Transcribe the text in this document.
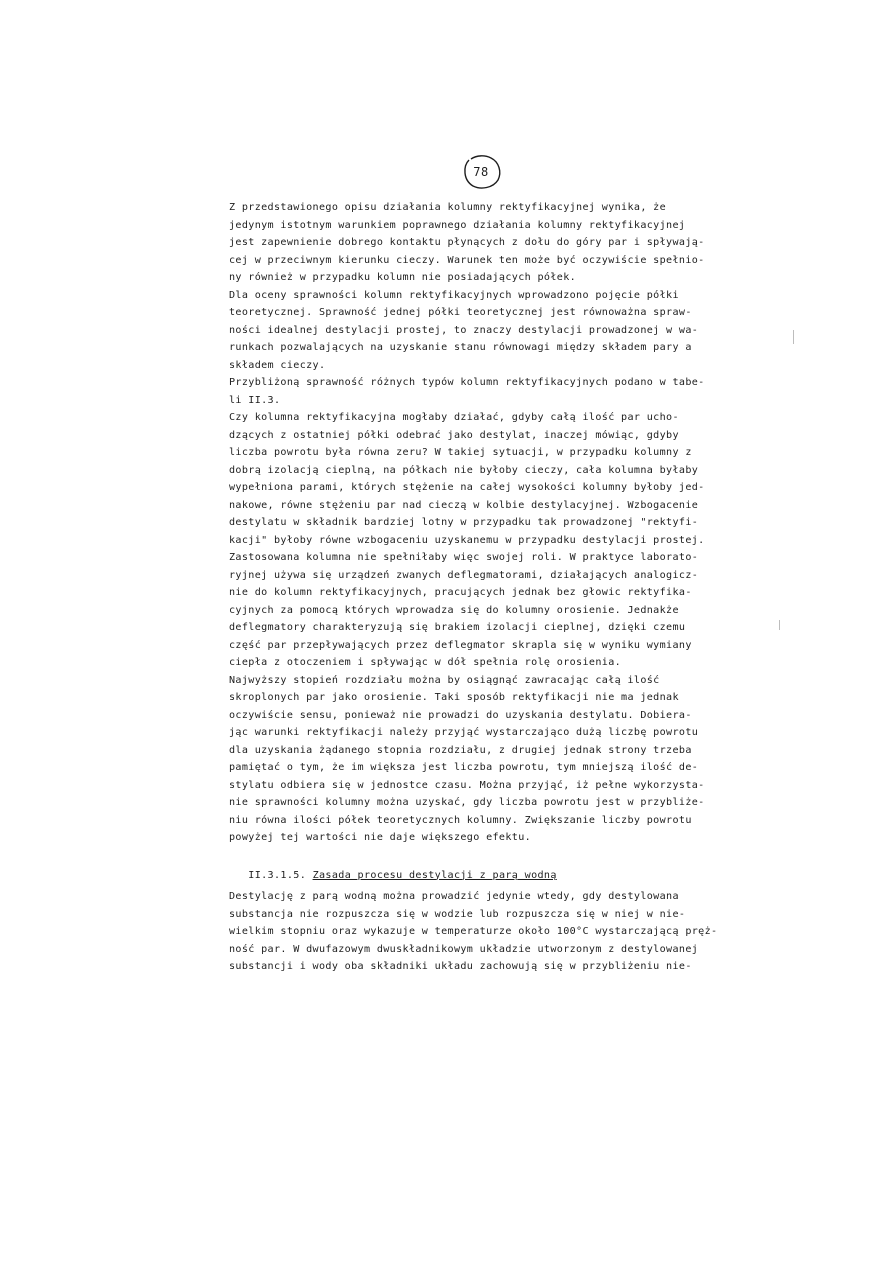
78
Z przedstawionego opisu działania kolumny rektyfikacyjnej wynika, że
jedynym istotnym warunkiem poprawnego działania kolumny rektyfikacyjnej
jest zapewnienie dobrego kontaktu płynących z dołu do góry par i spływają-
cej w przeciwnym kierunku cieczy. Warunek ten może być oczywiście spełnio-
ny również w przypadku kolumn nie posiadających półek.
Dla oceny sprawności kolumn rektyfikacyjnych wprowadzono pojęcie półki
teoretycznej. Sprawność jednej półki teoretycznej jest równoważna spraw-
ności idealnej destylacji prostej, to znaczy destylacji prowadzonej w wa-
runkach pozwalających na uzyskanie stanu równowagi między składem pary a
składem cieczy.
Przybliżoną sprawność różnych typów kolumn rektyfikacyjnych podano w tabe-
li II.3.
Czy kolumna rektyfikacyjna mogłaby działać, gdyby całą ilość par ucho-
dzących z ostatniej półki odebrać jako destylat, inaczej mówiąc, gdyby
liczba powrotu była równa zeru? W takiej sytuacji, w przypadku kolumny z
dobrą izolacją cieplną, na półkach nie byłoby cieczy, cała kolumna byłaby
wypełniona parami, których stężenie na całej wysokości kolumny byłoby jed-
nakowe, równe stężeniu par nad cieczą w kolbie destylacyjnej. Wzbogacenie
destylatu w składnik bardziej lotny w przypadku tak prowadzonej "rektyfi-
kacji" byłoby równe wzbogaceniu uzyskanemu w przypadku destylacji prostej.
Zastosowana kolumna nie spełniłaby więc swojej roli. W praktyce laborato-
ryjnej używa się urządzeń zwanych deflegmatorami, działających analogicz-
nie do kolumn rektyfikacyjnych, pracujących jednak bez głowic rektyfika-
cyjnych za pomocą których wprowadza się do kolumny orosienie. Jednakże
deflegmatory charakteryzują się brakiem izolacji cieplnej, dzięki czemu
część par przepływających przez deflegmator skrapla się w wyniku wymiany
ciepła z otoczeniem i spływając w dół spełnia rolę orosienia.
Najwyższy stopień rozdziału można by osiągnąć zawracając całą ilość
skroplonych par jako orosienie. Taki sposób rektyfikacji nie ma jednak
oczywiście sensu, ponieważ nie prowadzi do uzyskania destylatu. Dobiera-
jąc warunki rektyfikacji należy przyjąć wystarczająco dużą liczbę powrotu
dla uzyskania żądanego stopnia rozdziału, z drugiej jednak strony trzeba
pamiętać o tym, że im większa jest liczba powrotu, tym mniejszą ilość de-
stylatu odbiera się w jednostce czasu. Można przyjąć, iż pełne wykorzysta-
nie sprawności kolumny można uzyskać, gdy liczba powrotu jest w przybliże-
niu równa ilości półek teoretycznych kolumny. Zwiększanie liczby powrotu
powyżej tej wartości nie daje większego efektu.
II.3.1.5. Zasada procesu destylacji z parą wodną
Destylację z parą wodną można prowadzić jedynie wtedy, gdy destylowana
substancja nie rozpuszcza się w wodzie lub rozpuszcza się w niej w nie-
wielkim stopniu oraz wykazuje w temperaturze około 100°C wystarczającą pręż-
ność par. W dwufazowym dwuskładnikowym układzie utworzonym z destylowanej
substancji i wody oba składniki układu zachowują się w przybliżeniu nie-
